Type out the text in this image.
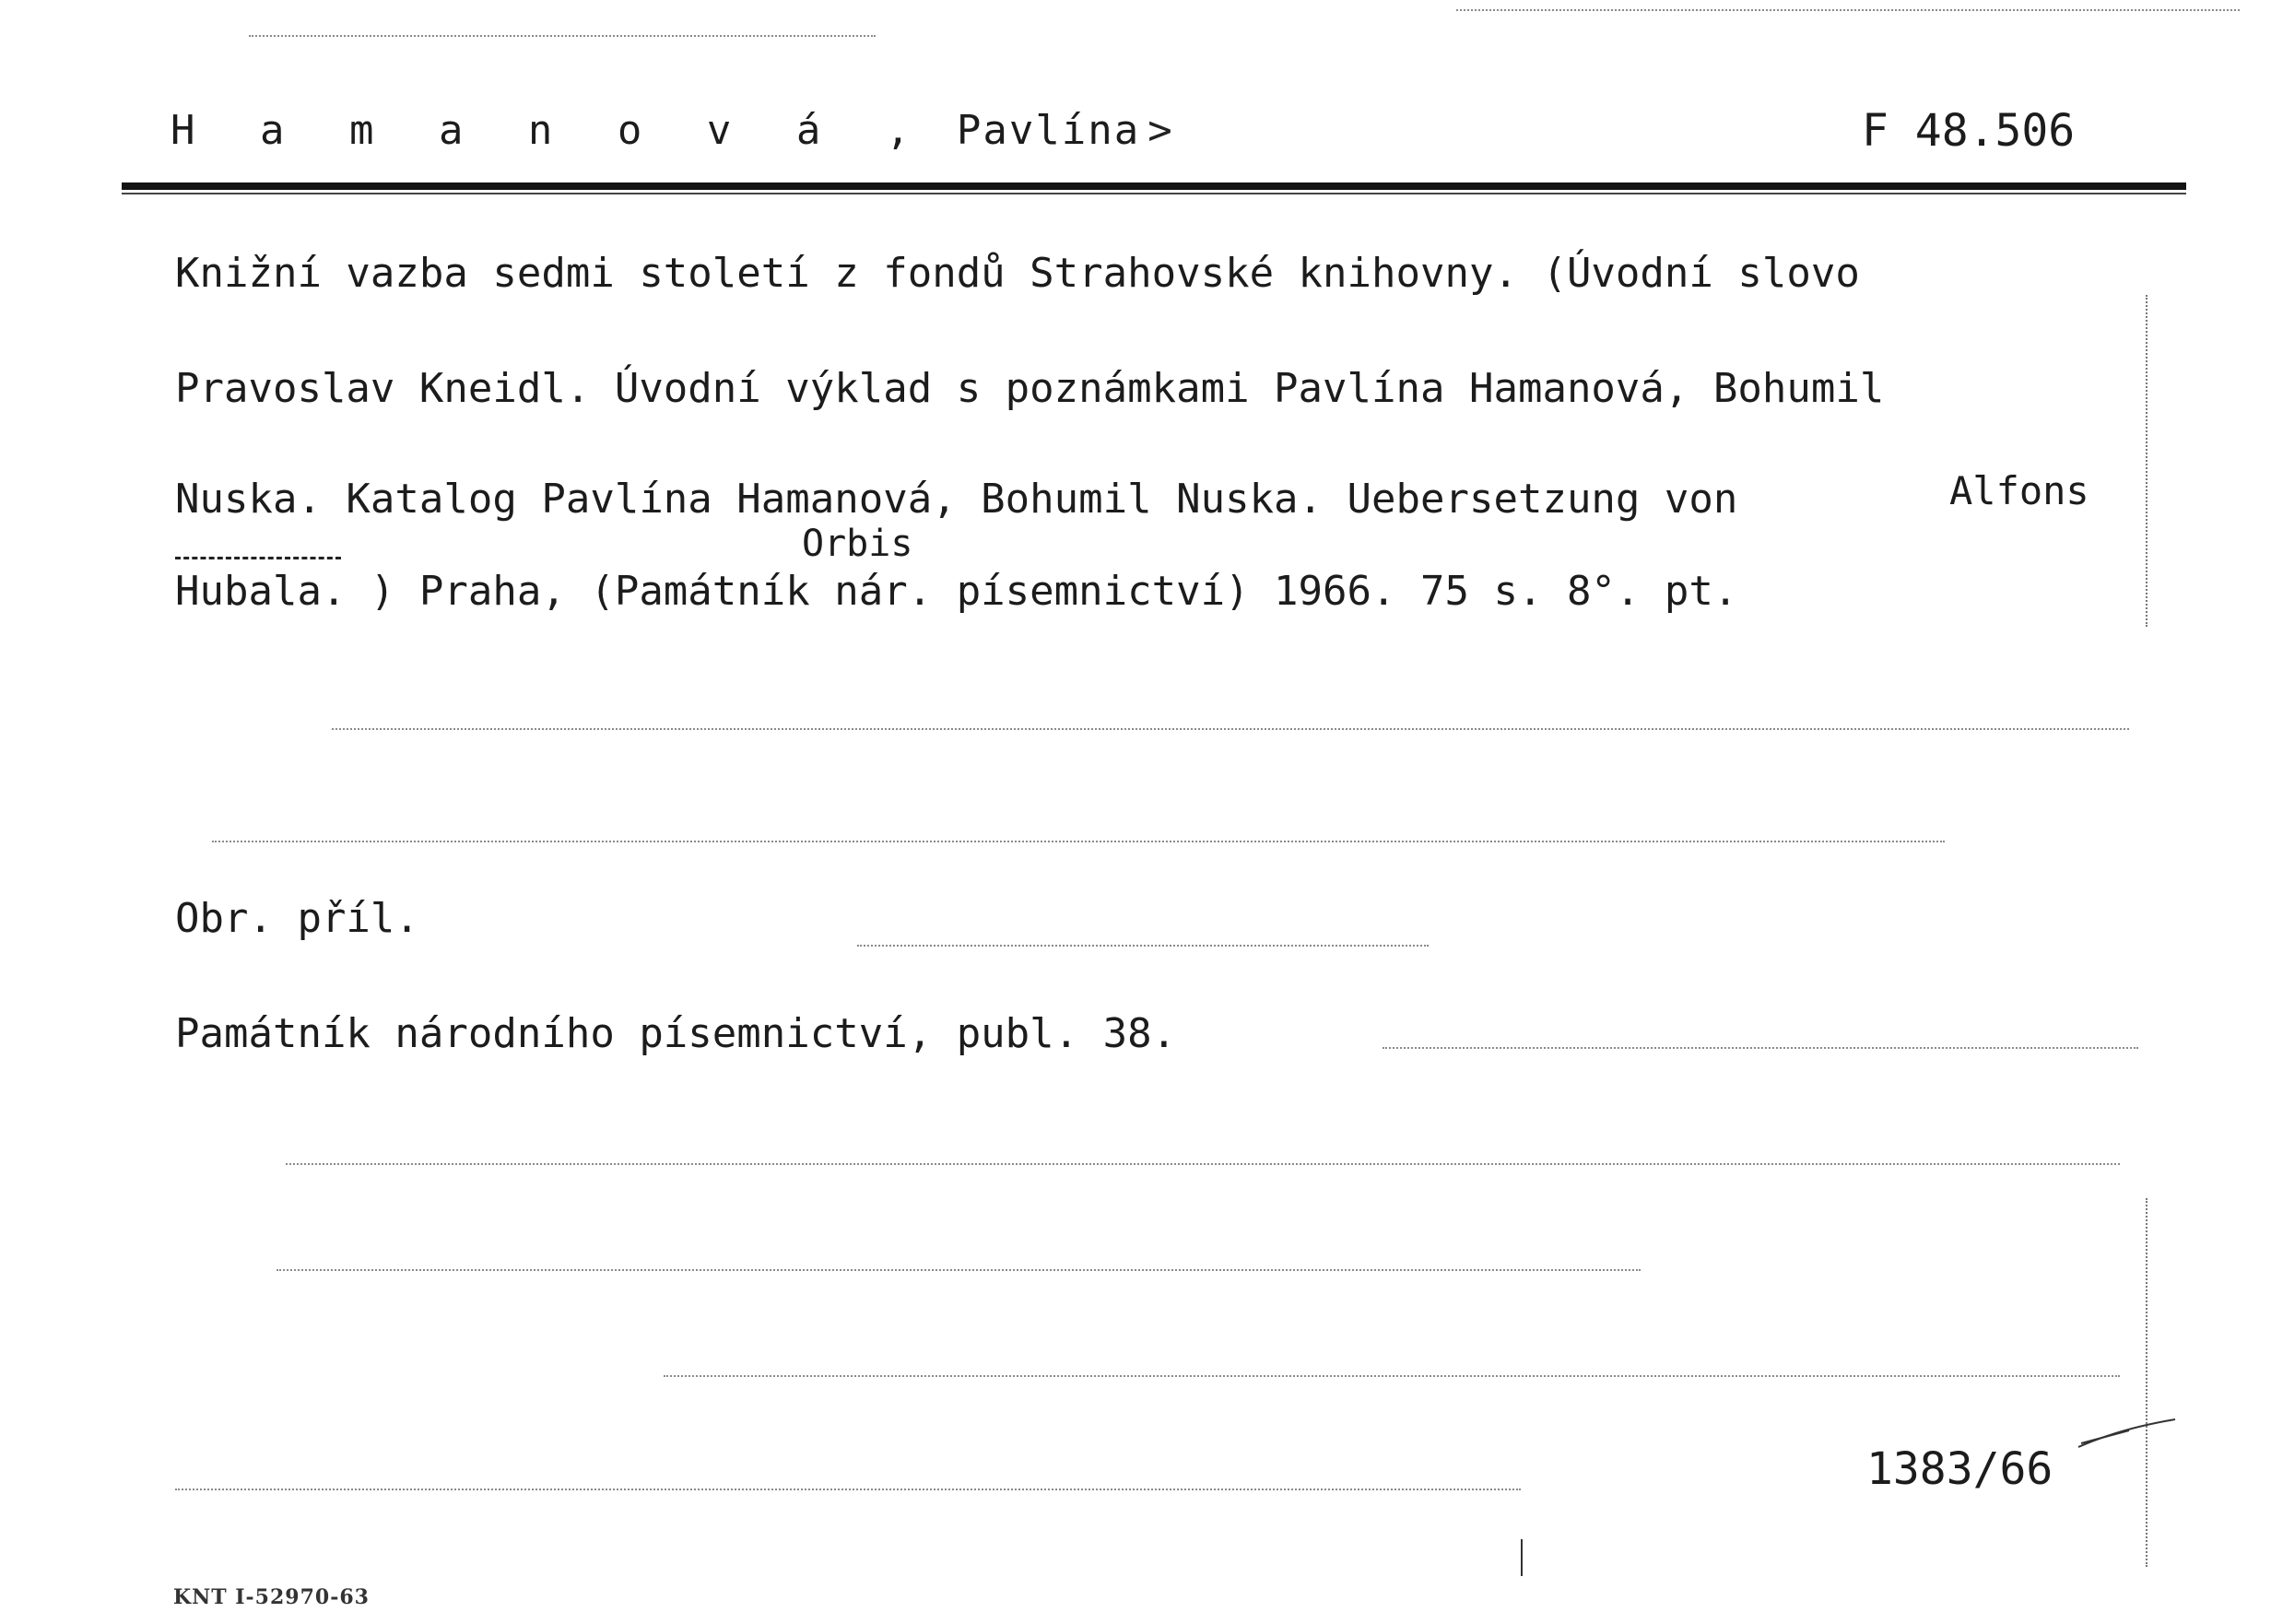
H a m a n o v á , Pavlína >	F 48.506
Knižní vazba sedmi století z fondů Strahovské knihovny. (Úvodní slovo
Pravoslav Kneidl. Úvodní výklad s poznámkami Pavlína Hamanová, Bohumil
Nuska. Katalog Pavlína Hamanová, Bohumil Nuska. Uebersetzung von	Alfons
Orbis
Hubala. ) Praha, (Památník nár. písemnictví) 1966. 75 s. 8°. pt.
Obr. příl.
Památník národního písemnictví, publ. 38.
1383/66
KNT I-52970-63
